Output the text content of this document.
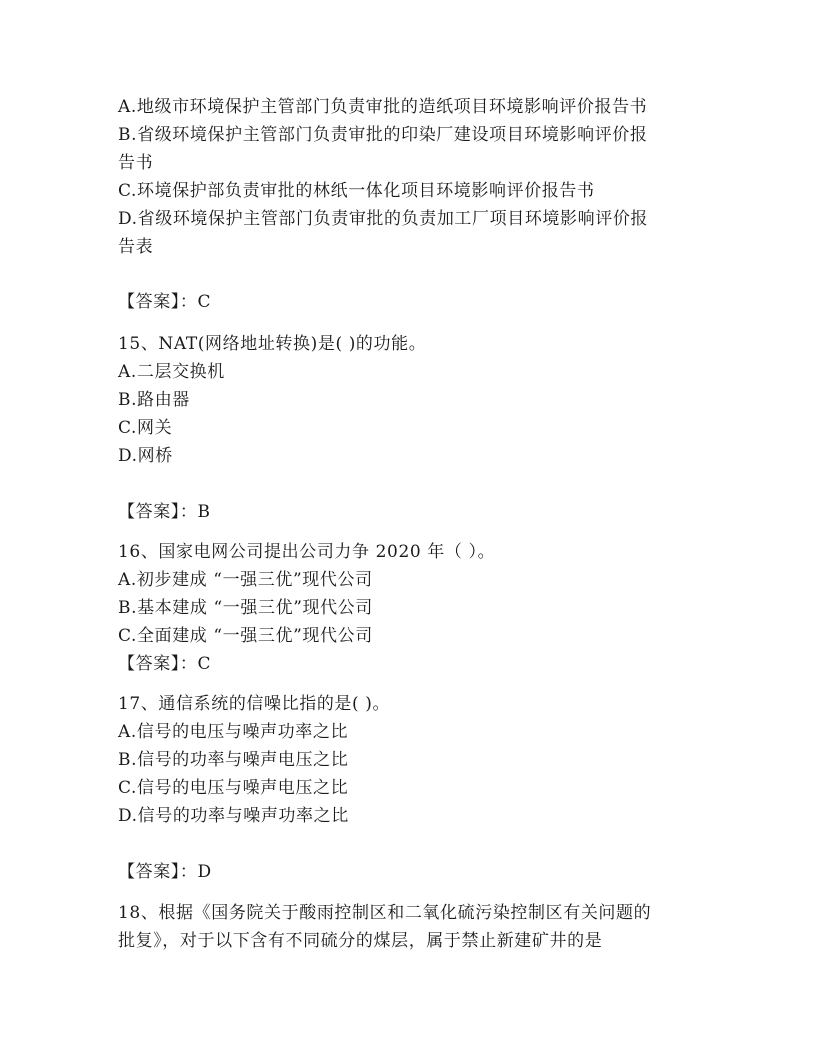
A.地级市环境保护主管部门负责审批的造纸项目环境影响评价报告书
B.省级环境保护主管部门负责审批的印染厂建设项目环境影响评价报
告书
C.环境保护部负责审批的林纸一体化项目环境影响评价报告书
D.省级环境保护主管部门负责审批的负责加工厂项目环境影响评价报
告表
【答案】：C
15、NAT(网络地址转换)是( )的功能。
A.二层交换机
B.路由器
C.网关
D.网桥
【答案】：B
16、国家电网公司提出公司力争 2020 年（ ）。
A.初步建成 “一强三优”现代公司
B.基本建成 “一强三优”现代公司
C.全面建成 “一强三优”现代公司
【答案】：C
17、通信系统的信噪比指的是( )。
A.信号的电压与噪声功率之比
B.信号的功率与噪声电压之比
C.信号的电压与噪声电压之比
D.信号的功率与噪声功率之比
【答案】：D
18、根据《国务院关于酸雨控制区和二氧化硫污染控制区有关问题的
批复》，对于以下含有不同硫分的煤层，属于禁止新建矿井的是
